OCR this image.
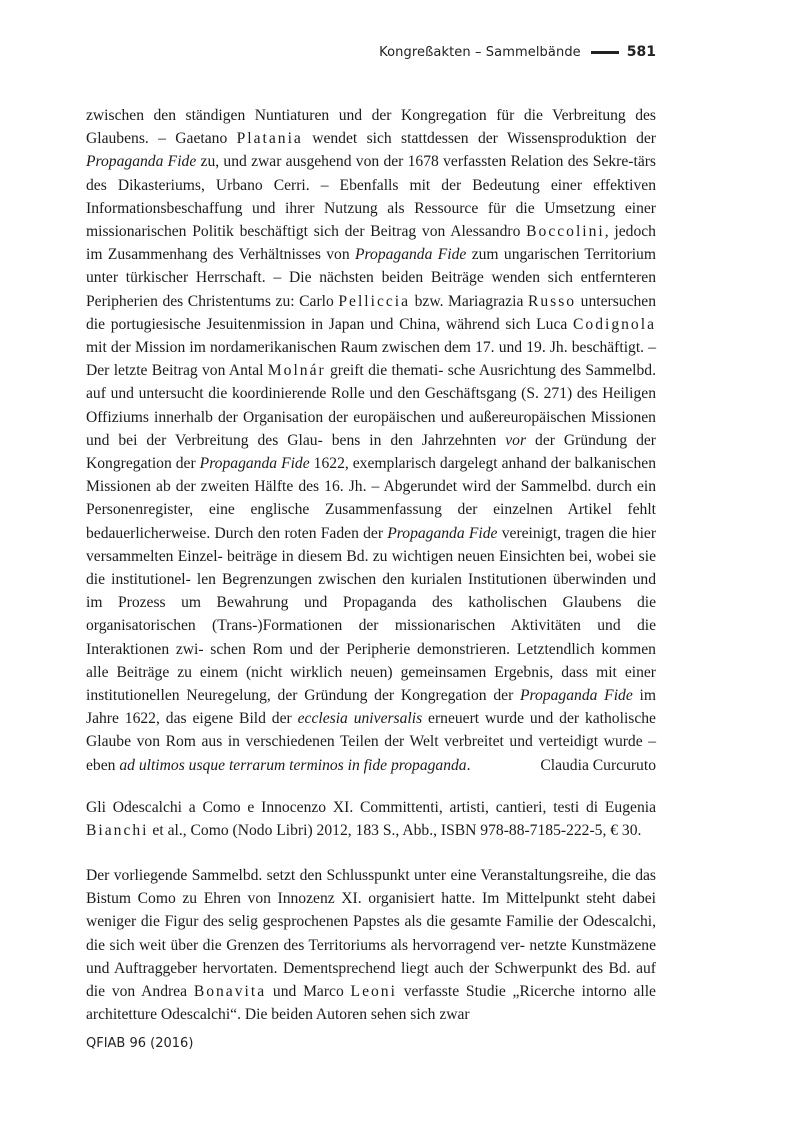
Kongreßakten – Sammelbände	581

zwischen den ständigen Nuntiaturen und der Kongregation für die Verbreitung des Glaubens. – Gaetano Platania wendet sich stattdessen der Wissensproduktion der Propaganda Fide zu, und zwar ausgehend von der 1678 verfassten Relation des Sekre-tärs des Dikasteriums, Urbano Cerri. – Ebenfalls mit der Bedeutung einer effektiven Informationsbeschaffung und ihrer Nutzung als Ressource für die Umsetzung einer missionarischen Politik beschäftigt sich der Beitrag von Alessandro Boccolini, jedoch im Zusammenhang des Verhältnisses von Propaganda Fide zum ungarischen Territorium unter türkischer Herrschaft. – Die nächsten beiden Beiträge wenden sich entfernteren Peripherien des Christentums zu: Carlo Pelliccia bzw. Mariagrazia Russo untersuchen die portugiesische Jesuitenmission in Japan und China, während sich Luca Codignola mit der Mission im nordamerikanischen Raum zwischen dem 17. und 19. Jh. beschäftigt. – Der letzte Beitrag von Antal Molnár greift die themati- sche Ausrichtung des Sammelbd. auf und untersucht die koordinierende Rolle und den Geschäftsgang (S. 271) des Heiligen Offiziums innerhalb der Organisation der europäischen und außereuropäischen Missionen und bei der Verbreitung des Glau- bens in den Jahrzehnten vor der Gründung der Kongregation der Propaganda Fide 1622, exemplarisch dargelegt anhand der balkanischen Missionen ab der zweiten Hälfte des 16. Jh. – Abgerundet wird der Sammelbd. durch ein Personenregister, eine englische Zusammenfassung der einzelnen Artikel fehlt bedauerlicherweise. Durch den roten Faden der Propaganda Fide vereinigt, tragen die hier versammelten Einzel- beiträge in diesem Bd. zu wichtigen neuen Einsichten bei, wobei sie die institutionel- len Begrenzungen zwischen den kurialen Institutionen überwinden und im Prozess um Bewahrung und Propaganda des katholischen Glaubens die organisatorischen (Trans-)Formationen der missionarischen Aktivitäten und die Interaktionen zwi- schen Rom und der Peripherie demonstrieren. Letztendlich kommen alle Beiträge zu einem (nicht wirklich neuen) gemeinsamen Ergebnis, dass mit einer institutionellen Neuregelung, der Gründung der Kongregation der Propaganda Fide im Jahre 1622, das eigene Bild der ecclesia universalis erneuert wurde und der katholische Glaube von Rom aus in verschiedenen Teilen der Welt verbreitet und verteidigt wurde – eben ad ultimos usque terrarum terminos in fide propaganda.	Claudia Curcuruto

Gli Odescalchi a Como e Innocenzo XI. Committenti, artisti, cantieri, testi di Eugenia Bianchi et al., Como (Nodo Libri) 2012, 183 S., Abb., ISBN 978-88-7185-222-5, € 30.

Der vorliegende Sammelbd. setzt den Schlusspunkt unter eine Veranstaltungsreihe, die das Bistum Como zu Ehren von Innozenz XI. organisiert hatte. Im Mittelpunkt steht dabei weniger die Figur des selig gesprochenen Papstes als die gesamte Familie der Odescalchi, die sich weit über die Grenzen des Territoriums als hervorragend ver- netzte Kunstmäzene und Auftraggeber hervortaten. Dementsprechend liegt auch der Schwerpunkt des Bd. auf die von Andrea Bonavita und Marco Leoni verfasste Studie „Ricerche intorno alle architetture Odescalchi“. Die beiden Autoren sehen sich zwar

QFIAB 96 (2016)
